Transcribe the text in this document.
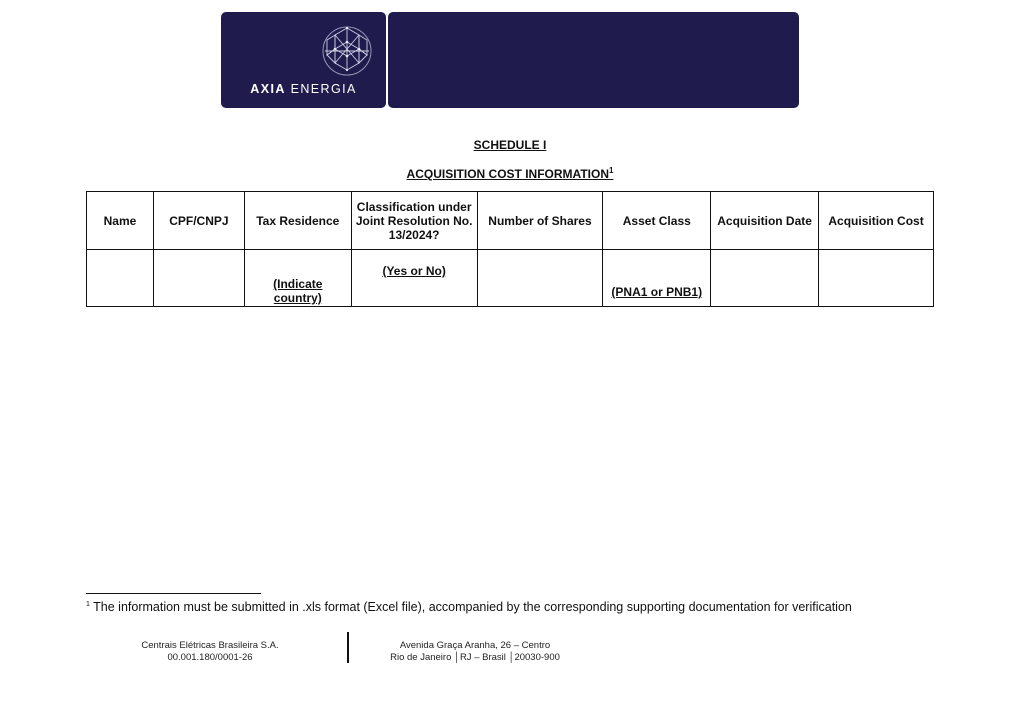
AXIA ENERGIA
SCHEDULE I
ACQUISITION COST INFORMATION$^1$
Name	CPF/CNPJ	Tax Residence	Classification under Joint Resolution No. 13/2024?	Number of Shares	Asset Class	Acquisition Date	Acquisition Cost
		(Indicate country)	(Yes or No)		(PNA1 or PNB1)		
$^1$ The information must be submitted in .xls format (Excel file), accompanied by the corresponding supporting documentation for verification
Centrais Elétricas Brasileira S.A.
00.001.180/0001-26
Avenida Graça Aranha, 26 – Centro
Rio de Janeiro │RJ – Brasil │20030-900
